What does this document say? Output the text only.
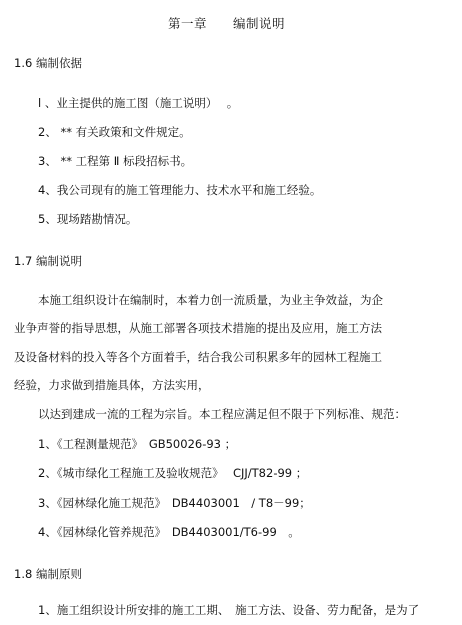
第一章　　编制说明
1.6 编制依据
l 、业主提供的施工图（施工说明）　 。
2、 ** 有关政策和文件规定。
3、 ** 工程第 Ⅱ 标段招标书。
4、我公司现有的施工管理能力、技术水平和施工经验。
5、现场踏勘情况。
1.7 编制说明
本施工组织设计在编制时，本着力创一流质量，为业主争效益，为企
业争声誉的指导思想，从施工部署各项技术措施的提出及应用，施工方法
及设备材料的投入等各个方面着手，结合我公司积累多年的园林工程施工
经验，力求做到措施具体，方法实用，
以达到建成一流的工程为宗旨。本工程应满足但不限于下列标准、规范：
1、《工程测量规范》　GB50026-93 ；
2、《城市绿化工程施工及验收规范》　 CJJ/T82-99 ；
3、《园林绿化施工规范》　DB4403001　/ T8－99；
4、《园林绿化管养规范》　DB4403001/T6-99　。
1.8 编制原则
1、施工组织设计所安排的施工工期、　施工方法、设备、劳力配备，是为了
